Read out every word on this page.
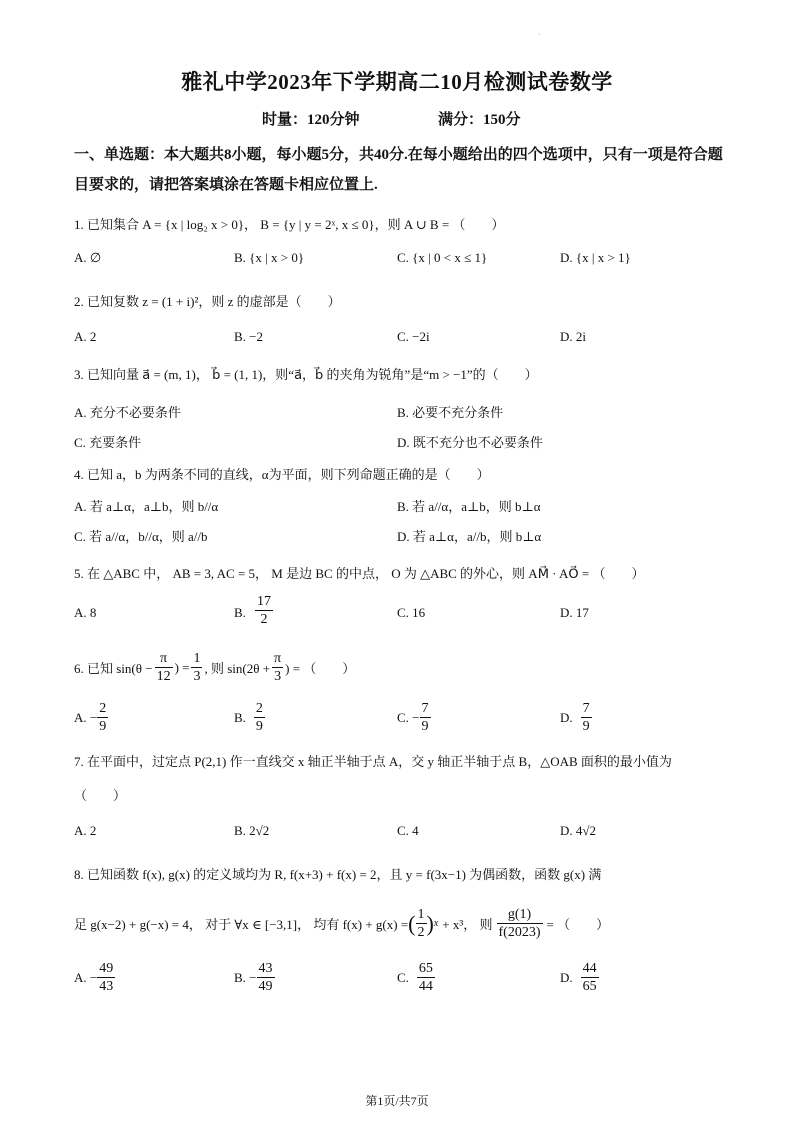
·
雅礼中学2023年下学期高二10月检测试卷数学
时量：120分钟	满分：150分
一、单选题：本大题共8小题，每小题5分，共40分.在每小题给出的四个选项中，只有一项是符合题目要求的，请把答案填涂在答题卡相应位置上.
1. 已知集合 A = {x | log₂ x > 0}， B = {y | y = 2ˣ, x ≤ 0}，则 A ∪ B = （　　）
A. ∅	B. {x | x > 0}	C. {x | 0 < x ≤ 1}	D. {x | x > 1}
2. 已知复数 z = (1 + i)²，则 z 的虚部是（　　）
A. 2	B. −2	C. −2i	D. 2i
3. 已知向量 a⃗ = (m, 1)， b⃗ = (1, 1)，则“a⃗，b⃗ 的夹角为锐角”是“m > −1”的（　　）
A. 充分不必要条件	B. 必要不充分条件
C. 充要条件	D. 既不充分也不必要条件
4. 已知 a，b 为两条不同的直线，α为平面，则下列命题正确的是（　　）
A. 若 a⊥α，a⊥b，则 b//α	B. 若 a//α，a⊥b，则 b⊥α
C. 若 a//α，b//α，则 a//b	D. 若 a⊥α，a//b，则 b⊥α
5. 在 △ABC 中， AB = 3, AC = 5， M 是边 BC 的中点， O 为 △ABC 的外心，则 AM⃗ · AO⃗ = （　　）
A. 8	B. $\frac{17}{2}$	C. 16	D. 17
6. 已知 $\sin(\theta - \frac{\pi}{12}$ ) = $\frac{1}{3}$ , 则 $\sin(2\theta + \frac{\pi}{3}$ ) = （　　）
A. − $\frac{2}{9}$	B. $\frac{2}{9}$	C. − $\frac{7}{9}$	D. $\frac{7}{9}$
7. 在平面中，过定点 P(2,1) 作一直线交 x 轴正半轴于点 A，交 y 轴正半轴于点 B，△OAB 面积的最小值为
（　　）
A. 2	B. 2√2	C. 4	D. 4√2
8. 已知函数 f(x), g(x) 的定义域均为 R, f(x+3) + f(x) = 2，且 y = f(3x−1) 为偶函数，函数 g(x) 满
足 g(x−2) + g(−x) = 4， 对于 ∀x ∈ [−3,1]， 均有 f(x) + g(x) = ( $\frac{1}{2}$ ) x + x³， 则 $\frac{g(1)}{f(2023)}$ = （　　）
A. − $\frac{49}{43}$	B. − $\frac{43}{49}$	C. $\frac{65}{44}$	D. $\frac{44}{65}$
第1页/共7页
